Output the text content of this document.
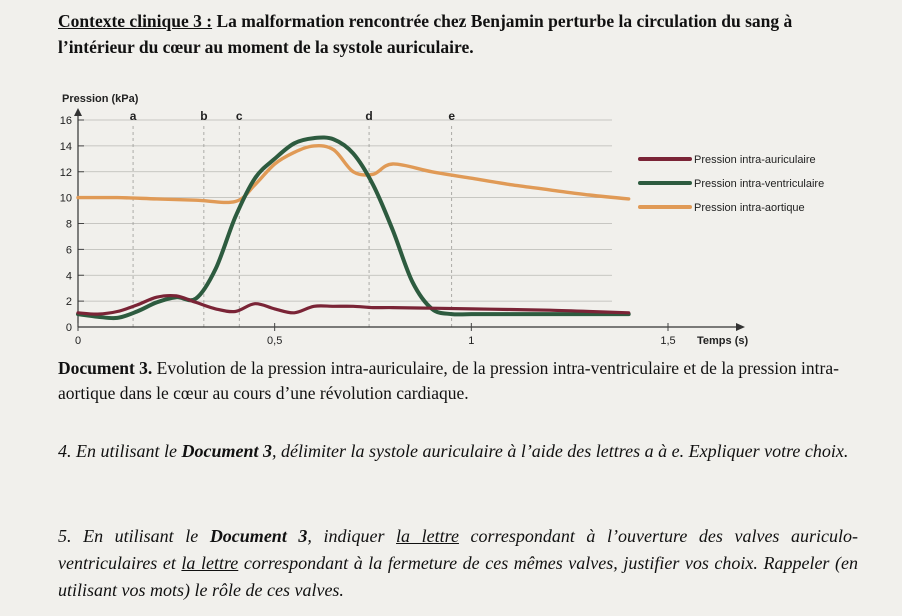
Contexte clinique 3 : La malformation rencontrée chez Benjamin perturbe la circulation du sang à l’intérieur du cœur au moment de la systole auriculaire.
0
2
4
6
8
10
12
14
16	a	b c	d	e
0	0,5	1	1,5
Pression (kPa)
Temps (s)
Pression intra-auriculaire
Pression intra-ventriculaire
Pression intra-aortique
Document 3. Evolution de la pression intra-auriculaire, de la pression intra-ventriculaire et de la pression intra-aortique dans le cœur au cours d’une révolution cardiaque.
4. En utilisant le Document 3, délimiter la systole auriculaire à l’aide des lettres a à e. Expliquer votre choix.
5. En utilisant le Document 3, indiquer la lettre correspondant à l’ouverture des valves auriculo-ventriculaires et la lettre correspondant à la fermeture de ces mêmes valves, justifier vos choix. Rappeler (en utilisant vos mots) le rôle de ces valves.
